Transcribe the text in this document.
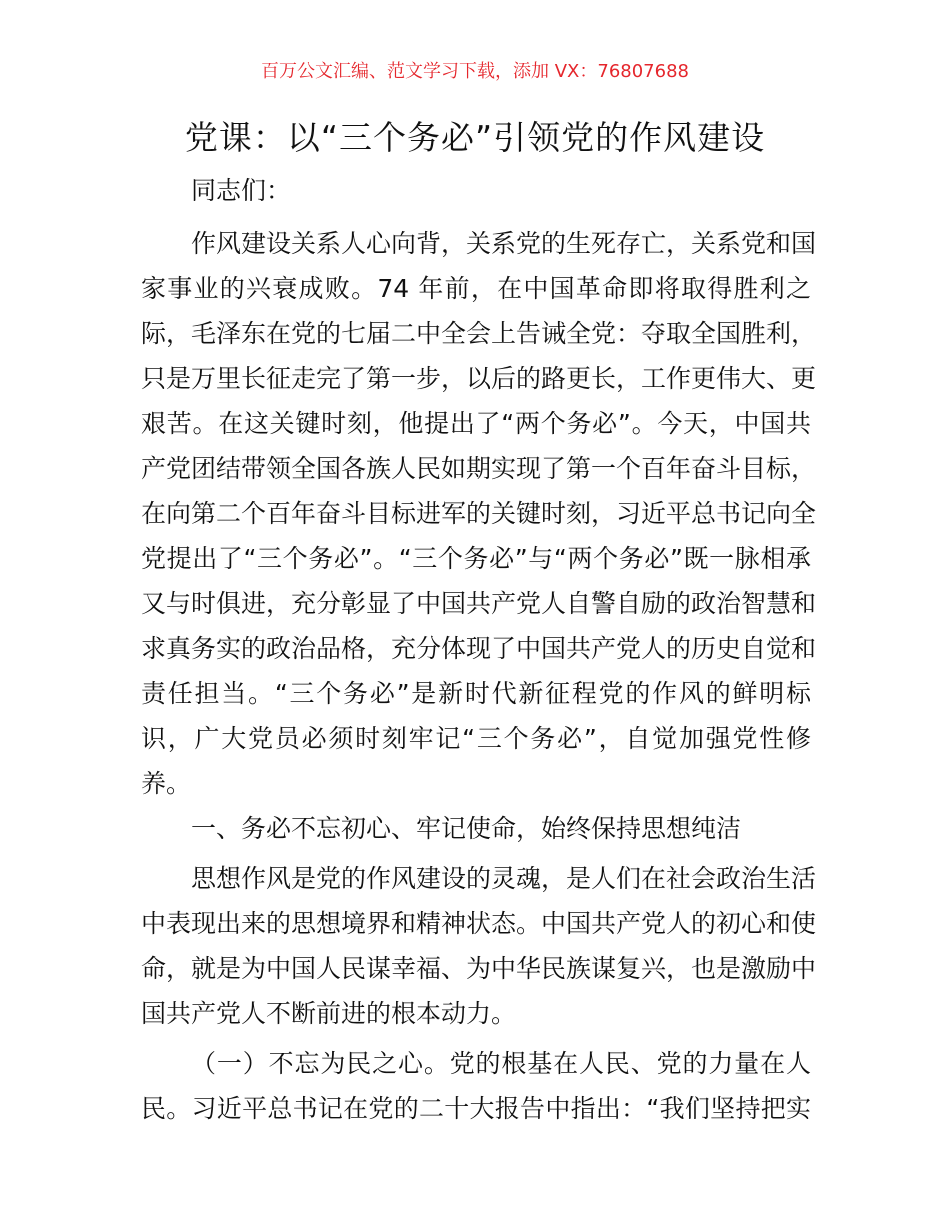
百万公文汇编、范文学习下载，添加 VX：76807688
党课：以“三个务必”引领党的作风建设
同志们：
作风建设关系人心向背，关系党的生死存亡，关系党和国
家事业的兴衰成败。74 年前，在中国革命即将取得胜利之
际，毛泽东在党的七届二中全会上告诫全党：夺取全国胜利，
只是万里长征走完了第一步，以后的路更长，工作更伟大、更
艰苦。在这关键时刻，他提出了“两个务必”。今天，中国共
产党团结带领全国各族人民如期实现了第一个百年奋斗目标，
在向第二个百年奋斗目标进军的关键时刻，习近平总书记向全
党提出了“三个务必”。“三个务必”与“两个务必”既一脉相承
又与时俱进，充分彰显了中国共产党人自警自励的政治智慧和
求真务实的政治品格，充分体现了中国共产党人的历史自觉和
责任担当。“三个务必”是新时代新征程党的作风的鲜明标
识，广大党员必须时刻牢记“三个务必”，自觉加强党性修
养。
一、务必不忘初心、牢记使命，始终保持思想纯洁
思想作风是党的作风建设的灵魂，是人们在社会政治生活
中表现出来的思想境界和精神状态。中国共产党人的初心和使
命，就是为中国人民谋幸福、为中华民族谋复兴，也是激励中
国共产党人不断前进的根本动力。
（一）不忘为民之心。党的根基在人民、党的力量在人
民。习近平总书记在党的二十大报告中指出：“我们坚持把实
